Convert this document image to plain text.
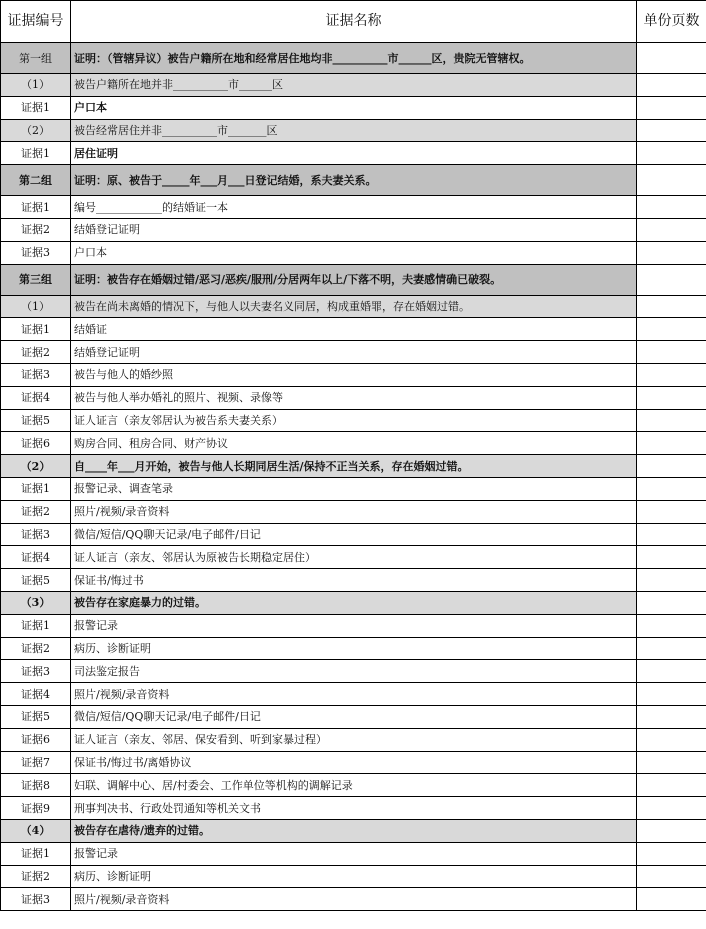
证据编号	证据名称	单份页数
第一组	证明：（管辖异议）被告户籍所在地和经常居住地均非__________市______区，贵院无管辖权。	
（1）	被告户籍所在地并非__________市______区	
证据1	户口本	
（2）	被告经常居住并非__________市_______区	
证据1	居住证明	
第二组	证明：原、被告于_____年___月___日登记结婚，系夫妻关系。	
证据1	编号____________的结婚证一本	
证据2	结婚登记证明	
证据3	户口本	
第三组	证明：被告存在婚姻过错/恶习/恶疾/服刑/分居两年以上/下落不明，夫妻感情确已破裂。	
（1）	被告在尚未离婚的情况下，与他人以夫妻名义同居，构成重婚罪，存在婚姻过错。	
证据1	结婚证	
证据2	结婚登记证明	
证据3	被告与他人的婚纱照	
证据4	被告与他人举办婚礼的照片、视频、录像等	
证据5	证人证言（亲友邻居认为被告系夫妻关系）	
证据6	购房合同、租房合同、财产协议	
（2）	自____年___月开始，被告与他人长期同居生活/保持不正当关系，存在婚姻过错。	
证据1	报警记录、调查笔录	
证据2	照片/视频/录音资料	
证据3	微信/短信/QQ聊天记录/电子邮件/日记	
证据4	证人证言（亲友、邻居认为原被告长期稳定居住）	
证据5	保证书/悔过书	
（3）	被告存在家庭暴力的过错。	
证据1	报警记录	
证据2	病历、诊断证明	
证据3	司法鉴定报告	
证据4	照片/视频/录音资料	
证据5	微信/短信/QQ聊天记录/电子邮件/日记	
证据6	证人证言（亲友、邻居、保安看到、听到家暴过程）	
证据7	保证书/悔过书/离婚协议	
证据8	妇联、调解中心、居/村委会、工作单位等机构的调解记录	
证据9	刑事判决书、行政处罚通知等机关文书	
（4）	被告存在虐待/遗弃的过错。	
证据1	报警记录	
证据2	病历、诊断证明	
证据3	照片/视频/录音资料	
